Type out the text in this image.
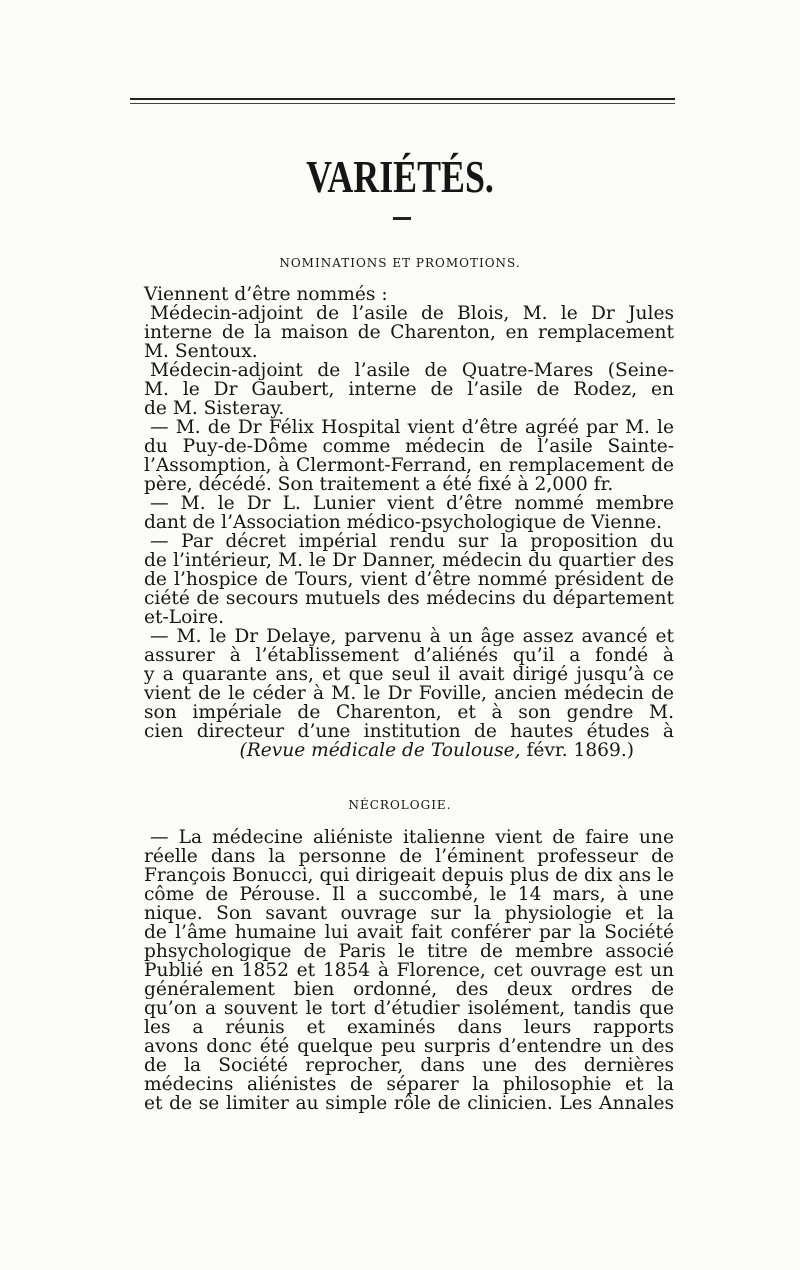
VARIÉTÉS.
NOMINATIONS ET PROMOTIONS.
Viennent d’être nommés :
Médecin-adjoint de l’asile de Blois, M. le Dr Jules
interne de la maison de Charenton, en remplacement
M. Sentoux.
Médecin-adjoint de l’asile de Quatre-Mares (Seine-
M. le Dr Gaubert, interne de l’asile de Rodez, en
de M. Sisteray.
— M. de Dr Félix Hospital vient d’être agréé par M. le
du Puy-de-Dôme comme médecin de l’asile Sainte-
l’Assomption, à Clermont-Ferrand, en remplacement de
père, décédé. Son traitement a été fixé à 2,000 fr.
— M. le Dr L. Lunier vient d’être nommé membre
dant de l’Association médico-psychologique de Vienne.
— Par décret impérial rendu sur la proposition du
de l’intérieur, M. le Dr Danner, médecin du quartier des
de l’hospice de Tours, vient d’être nommé président de
ciété de secours mutuels des médecins du département
et-Loire.
— M. le Dr Delaye, parvenu à un âge assez avancé et
assurer à l’établissement d’aliénés qu’il a fondé à
y a quarante ans, et que seul il avait dirigé jusqu’à ce
vient de le céder à M. le Dr Foville, ancien médecin de
son impériale de Charenton, et à son gendre M.
cien directeur d’une institution de hautes études à
(Revue médicale de Toulouse, févr. 1869.)
NÉCROLOGIE.
— La médecine aliéniste italienne vient de faire une
réelle dans la personne de l’éminent professeur de
François Bonucci, qui dirigeait depuis plus de dix ans le
côme de Pérouse. Il a succombé, le 14 mars, à une
nique. Son savant ouvrage sur la physiologie et la
de l’âme humaine lui avait fait conférer par la Société
phsychologique de Paris le titre de membre associé
Publié en 1852 et 1854 à Florence, cet ouvrage est un
généralement bien ordonné, des deux ordres de
qu’on a souvent le tort d’étudier isolément, tandis que
les a réunis et examinés dans leurs rapports
avons donc été quelque peu surpris d’entendre un des
de la Société reprocher, dans une des dernières
médecins aliénistes de séparer la philosophie et la
et de se limiter au simple rôle de clinicien. Les Annales
